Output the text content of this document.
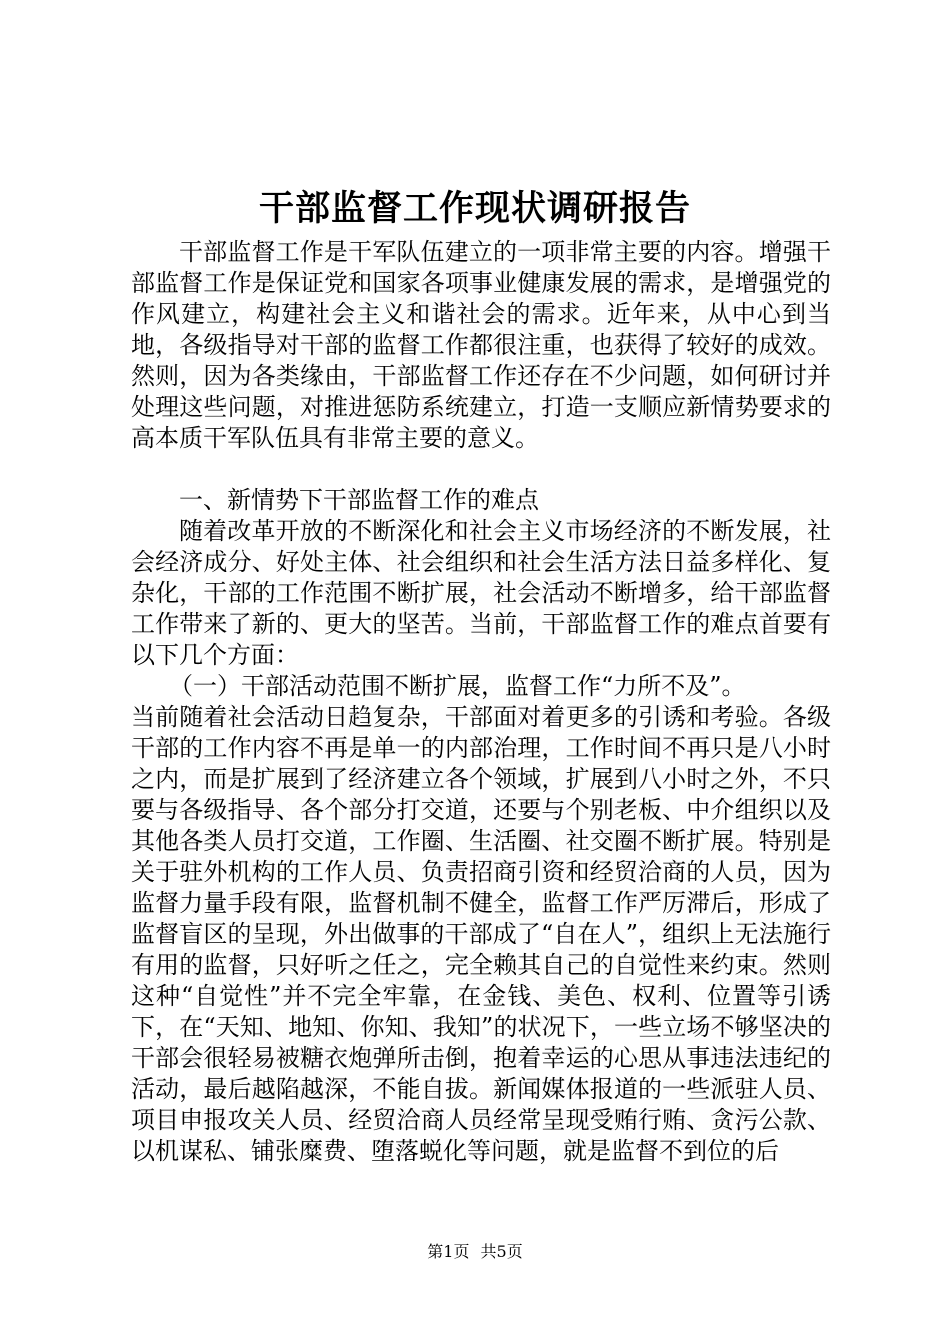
干部监督工作现状调研报告

干部监督工作是干军队伍建立的一项非常主要的内容。增强干部监督工作是保证党和国家各项事业健康发展的需求，是增强党的作风建立，构建社会主义和谐社会的需求。近年来，从中心到当地，各级指导对干部的监督工作都很注重，也获得了较好的成效。然则，因为各类缘由，干部监督工作还存在不少问题，如何研讨并处理这些问题，对推进惩防系统建立，打造一支顺应新情势要求的高本质干军队伍具有非常主要的意义。

一、新情势下干部监督工作的难点

随着改革开放的不断深化和社会主义市场经济的不断发展，社会经济成分、好处主体、社会组织和社会生活方法日益多样化、复杂化，干部的工作范围不断扩展，社会活动不断增多，给干部监督工作带来了新的、更大的坚苦。当前，干部监督工作的难点首要有以下几个方面：

（一）干部活动范围不断扩展，监督工作“力所不及”。

当前随着社会活动日趋复杂，干部面对着更多的引诱和考验。各级干部的工作内容不再是单一的内部治理，工作时间不再只是八小时之内，而是扩展到了经济建立各个领域，扩展到八小时之外，不只要与各级指导、各个部分打交道，还要与个别老板、中介组织以及其他各类人员打交道，工作圈、生活圈、社交圈不断扩展。特别是关于驻外机构的工作人员、负责招商引资和经贸洽商的人员，因为监督力量手段有限，监督机制不健全，监督工作严厉滞后，形成了监督盲区的呈现，外出做事的干部成了“自在人”，组织上无法施行有用的监督，只好听之任之，完全赖其自己的自觉性来约束。然则这种“自觉性”并不完全牢靠，在金钱、美色、权利、位置等引诱下，在“天知、地知、你知、我知”的状况下，一些立场不够坚决的干部会很轻易被糖衣炮弹所击倒，抱着幸运的心思从事违法违纪的活动，最后越陷越深，不能自拔。新闻媒体报道的一些派驻人员、项目申报攻关人员、经贸洽商人员经常呈现受贿行贿、贪污公款、以机谋私、铺张糜费、堕落蜕化等问题，就是监督不到位的后

第1页 共5页
